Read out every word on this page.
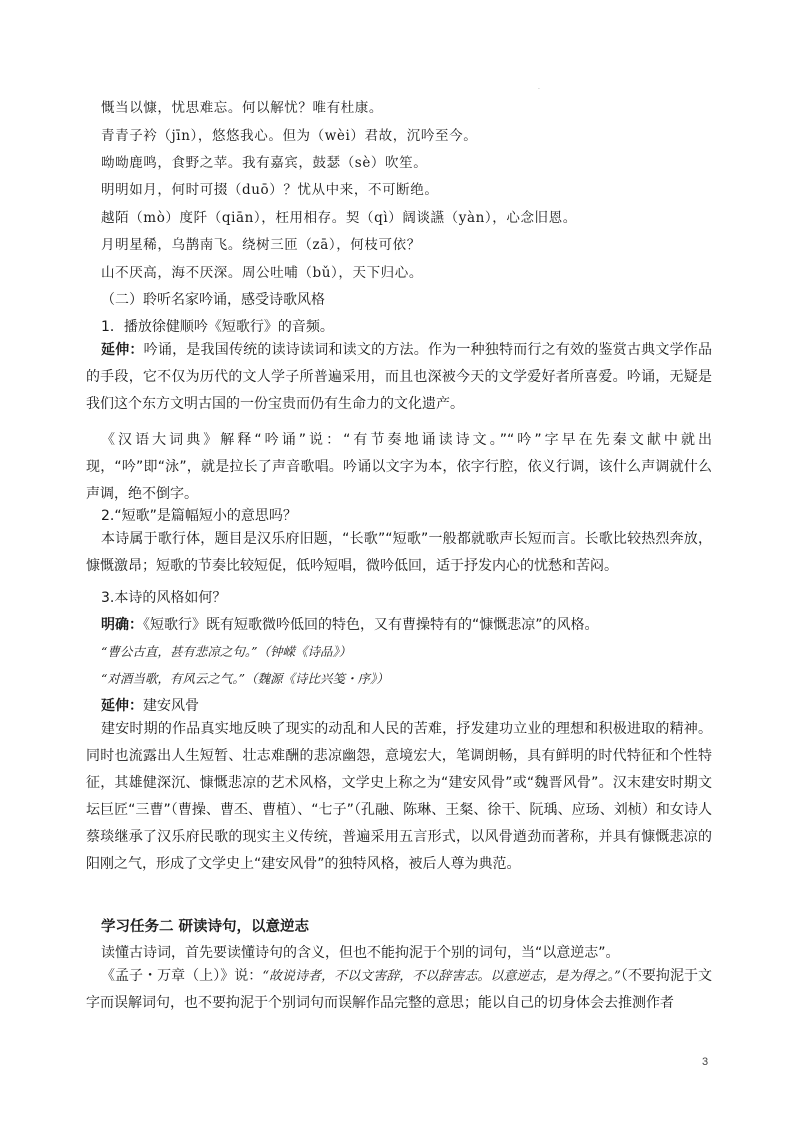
·
慨当以慷，忧思难忘。何以解忧？唯有杜康。
青青子衿（jīn），悠悠我心。但为（wèi）君故，沉吟至今。
呦呦鹿鸣，食野之苹。我有嘉宾，鼓瑟（sè）吹笙。
明明如月，何时可掇（duō）？忧从中来，不可断绝。
越陌（mò）度阡（qiān），枉用相存。契（qì）阔谈讌（yàn），心念旧恩。
月明星稀，乌鹊南飞。绕树三匝（zā），何枝可依？
山不厌高，海不厌深。周公吐哺（bǔ），天下归心。
（二）聆听名家吟诵，感受诗歌风格
1．播放徐健顺吟《短歌行》的音频。

延伸：吟诵，是我国传统的读诗读词和读文的方法。作为一种独特而行之有效的鉴赏古典文学作品的手段，它不仅为历代的文人学子所普遍采用，而且也深被今天的文学爱好者所喜爱。吟诵，无疑是我们这个东方文明古国的一份宝贵而仍有生命力的文化遗产。

《汉语大词典》解释“吟诵”说：“有节奏地诵读诗文。”“吟”字早在先秦文献中就出现，“吟”即“泳”，就是拉长了声音歌唱。吟诵以文字为本，依字行腔，依义行调，该什么声调就什么声调，绝不倒字。

2.“短歌”是篇幅短小的意思吗？

本诗属于歌行体，题目是汉乐府旧题，“长歌”“短歌”一般都就歌声长短而言。长歌比较热烈奔放，慷慨激昂；短歌的节奏比较短促，低吟短唱，微吟低回，适于抒发内心的忧愁和苦闷。

3.本诗的风格如何？
明确：《短歌行》既有短歌微吟低回的特色，又有曹操特有的“慷慨悲凉”的风格。
“曹公古直，甚有悲凉之句。”（钟嵘《诗品》）
“对酒当歌，有风云之气。”（魏源《诗比兴笺・序》）
延伸：建安风骨

建安时期的作品真实地反映了现实的动乱和人民的苦难，抒发建功立业的理想和积极进取的精神。同时也流露出人生短暂、壮志难酬的悲凉幽怨，意境宏大，笔调朗畅，具有鲜明的时代特征和个性特征，其雄健深沉、慷慨悲凉的艺术风格，文学史上称之为“建安风骨”或“魏晋风骨”。汉末建安时期文坛巨匠“三曹”（曹操、曹丕、曹植）、“七子”（孔融、陈琳、王粲、徐干、阮瑀、应玚、刘桢）和女诗人蔡琰继承了汉乐府民歌的现实主义传统，普遍采用五言形式，以风骨遒劲而著称，并具有慷慨悲凉的阳刚之气，形成了文学史上“建安风骨”的独特风格，被后人尊为典范。

学习任务二 研读诗句，以意逆志
读懂古诗词，首先要读懂诗句的含义，但也不能拘泥于个别的词句，当“以意逆志”。

《孟子・万章（上）》说：“故说诗者，不以文害辞，不以辞害志。以意逆志，是为得之。”（不要拘泥于文字而误解词句，也不要拘泥于个别词句而误解作品完整的意思；能以自己的切身体会去推测作者

3
